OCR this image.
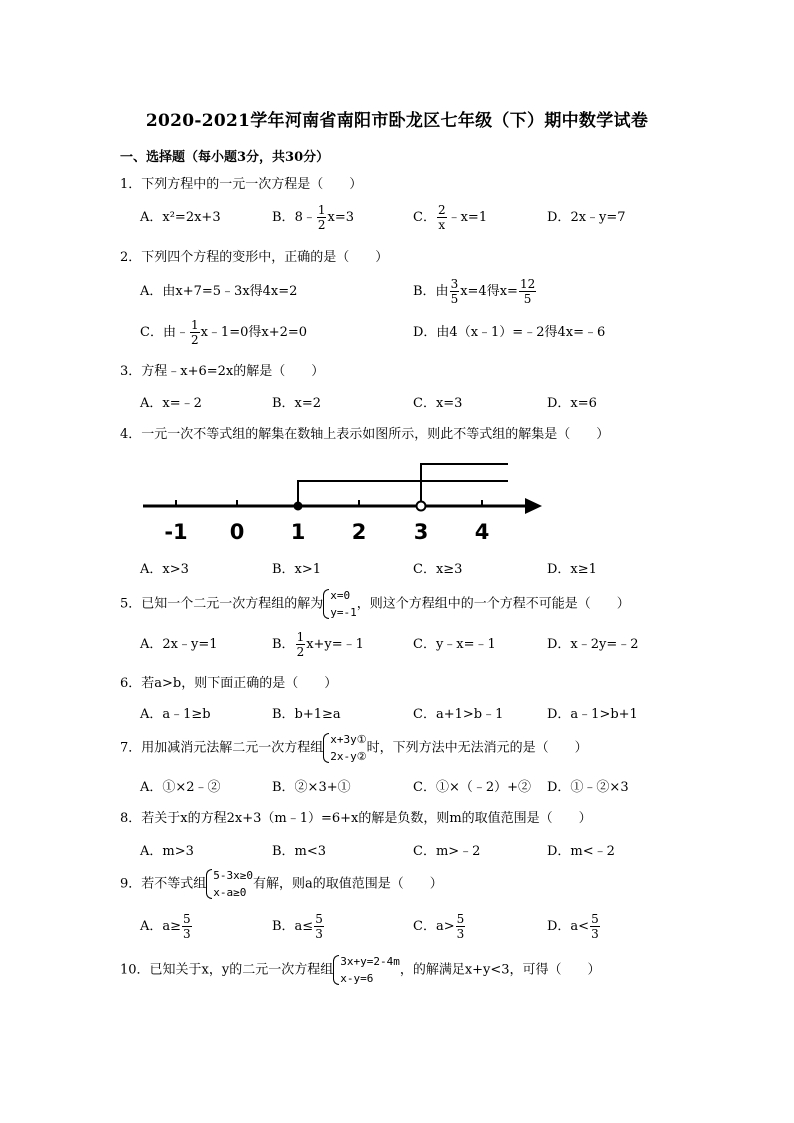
2020-2021学年河南省南阳市卧龙区七年级（下）期中数学试卷
一、选择题（每小题3分，共30分）
1．下列方程中的一元一次方程是（　　）
A．x²=2x+3	B．8﹣ $\frac{1}{2} x=3$	C． $\frac{2}{x}$ ﹣x=1	D．2x﹣y=7
2．下列四个方程的变形中，正确的是（　　）
A．由x+7=5﹣3x得4x=2	B．由 $\frac{3}{5} x=4$得$x= \frac{12}{5}$
C．由﹣ $\frac{1}{2}$ x﹣1=0得x+2=0	D．由4（x﹣1）=﹣2得4x=﹣6
3．方程﹣x+6=2x的解是（　　）
A．x=﹣2	B．x=2	C．x=3	D．x=6
4．一元一次不等式组的解集在数轴上表示如图所示，则此不等式组的解集是（　　）
-1 0 1 2 3 4
A．x>3	B．x>1	C．x≥3	D．x≥1
5．已知一个二元一次方程组的解为
x=0
y=-1
，则这个方程组中的一个方程不可能是（　　）
A．2x﹣y=1	B． $\frac{1}{2}$ x+y=﹣1	C．y﹣x=﹣1	D．x﹣2y=﹣2
6．若a>b，则下面正确的是（　　）
A．a﹣1≥b	B．b+1≥a	C．a+1>b﹣1	D．a﹣1>b+1
7．用加减消元法解二元一次方程组
x+3y①
2x-y②
时，下列方法中无法消元的是（　　）
A．①×2﹣②	B．②×3+①	C．①×（﹣2）+② D．①﹣②×3
8．若关于x的方程2x+3（m﹣1）=6+x的解是负数，则m的取值范围是（　　）
A．m>3	B．m<3	C．m>﹣2	D．m<﹣2
9．若不等式组
5-3x≥0
x-a≥0
有解，则a的取值范围是（　　）
A．$a\ge \frac{5}{3}$	B．$a\le \frac{5}{3}$	C．$a> \frac{5}{3}$	D．$a< \frac{5}{3}$
10．已知关于x，y的二元一次方程组
3x+y=2-4m
x-y=6
，的解满足x+y<3，可得（　　）
